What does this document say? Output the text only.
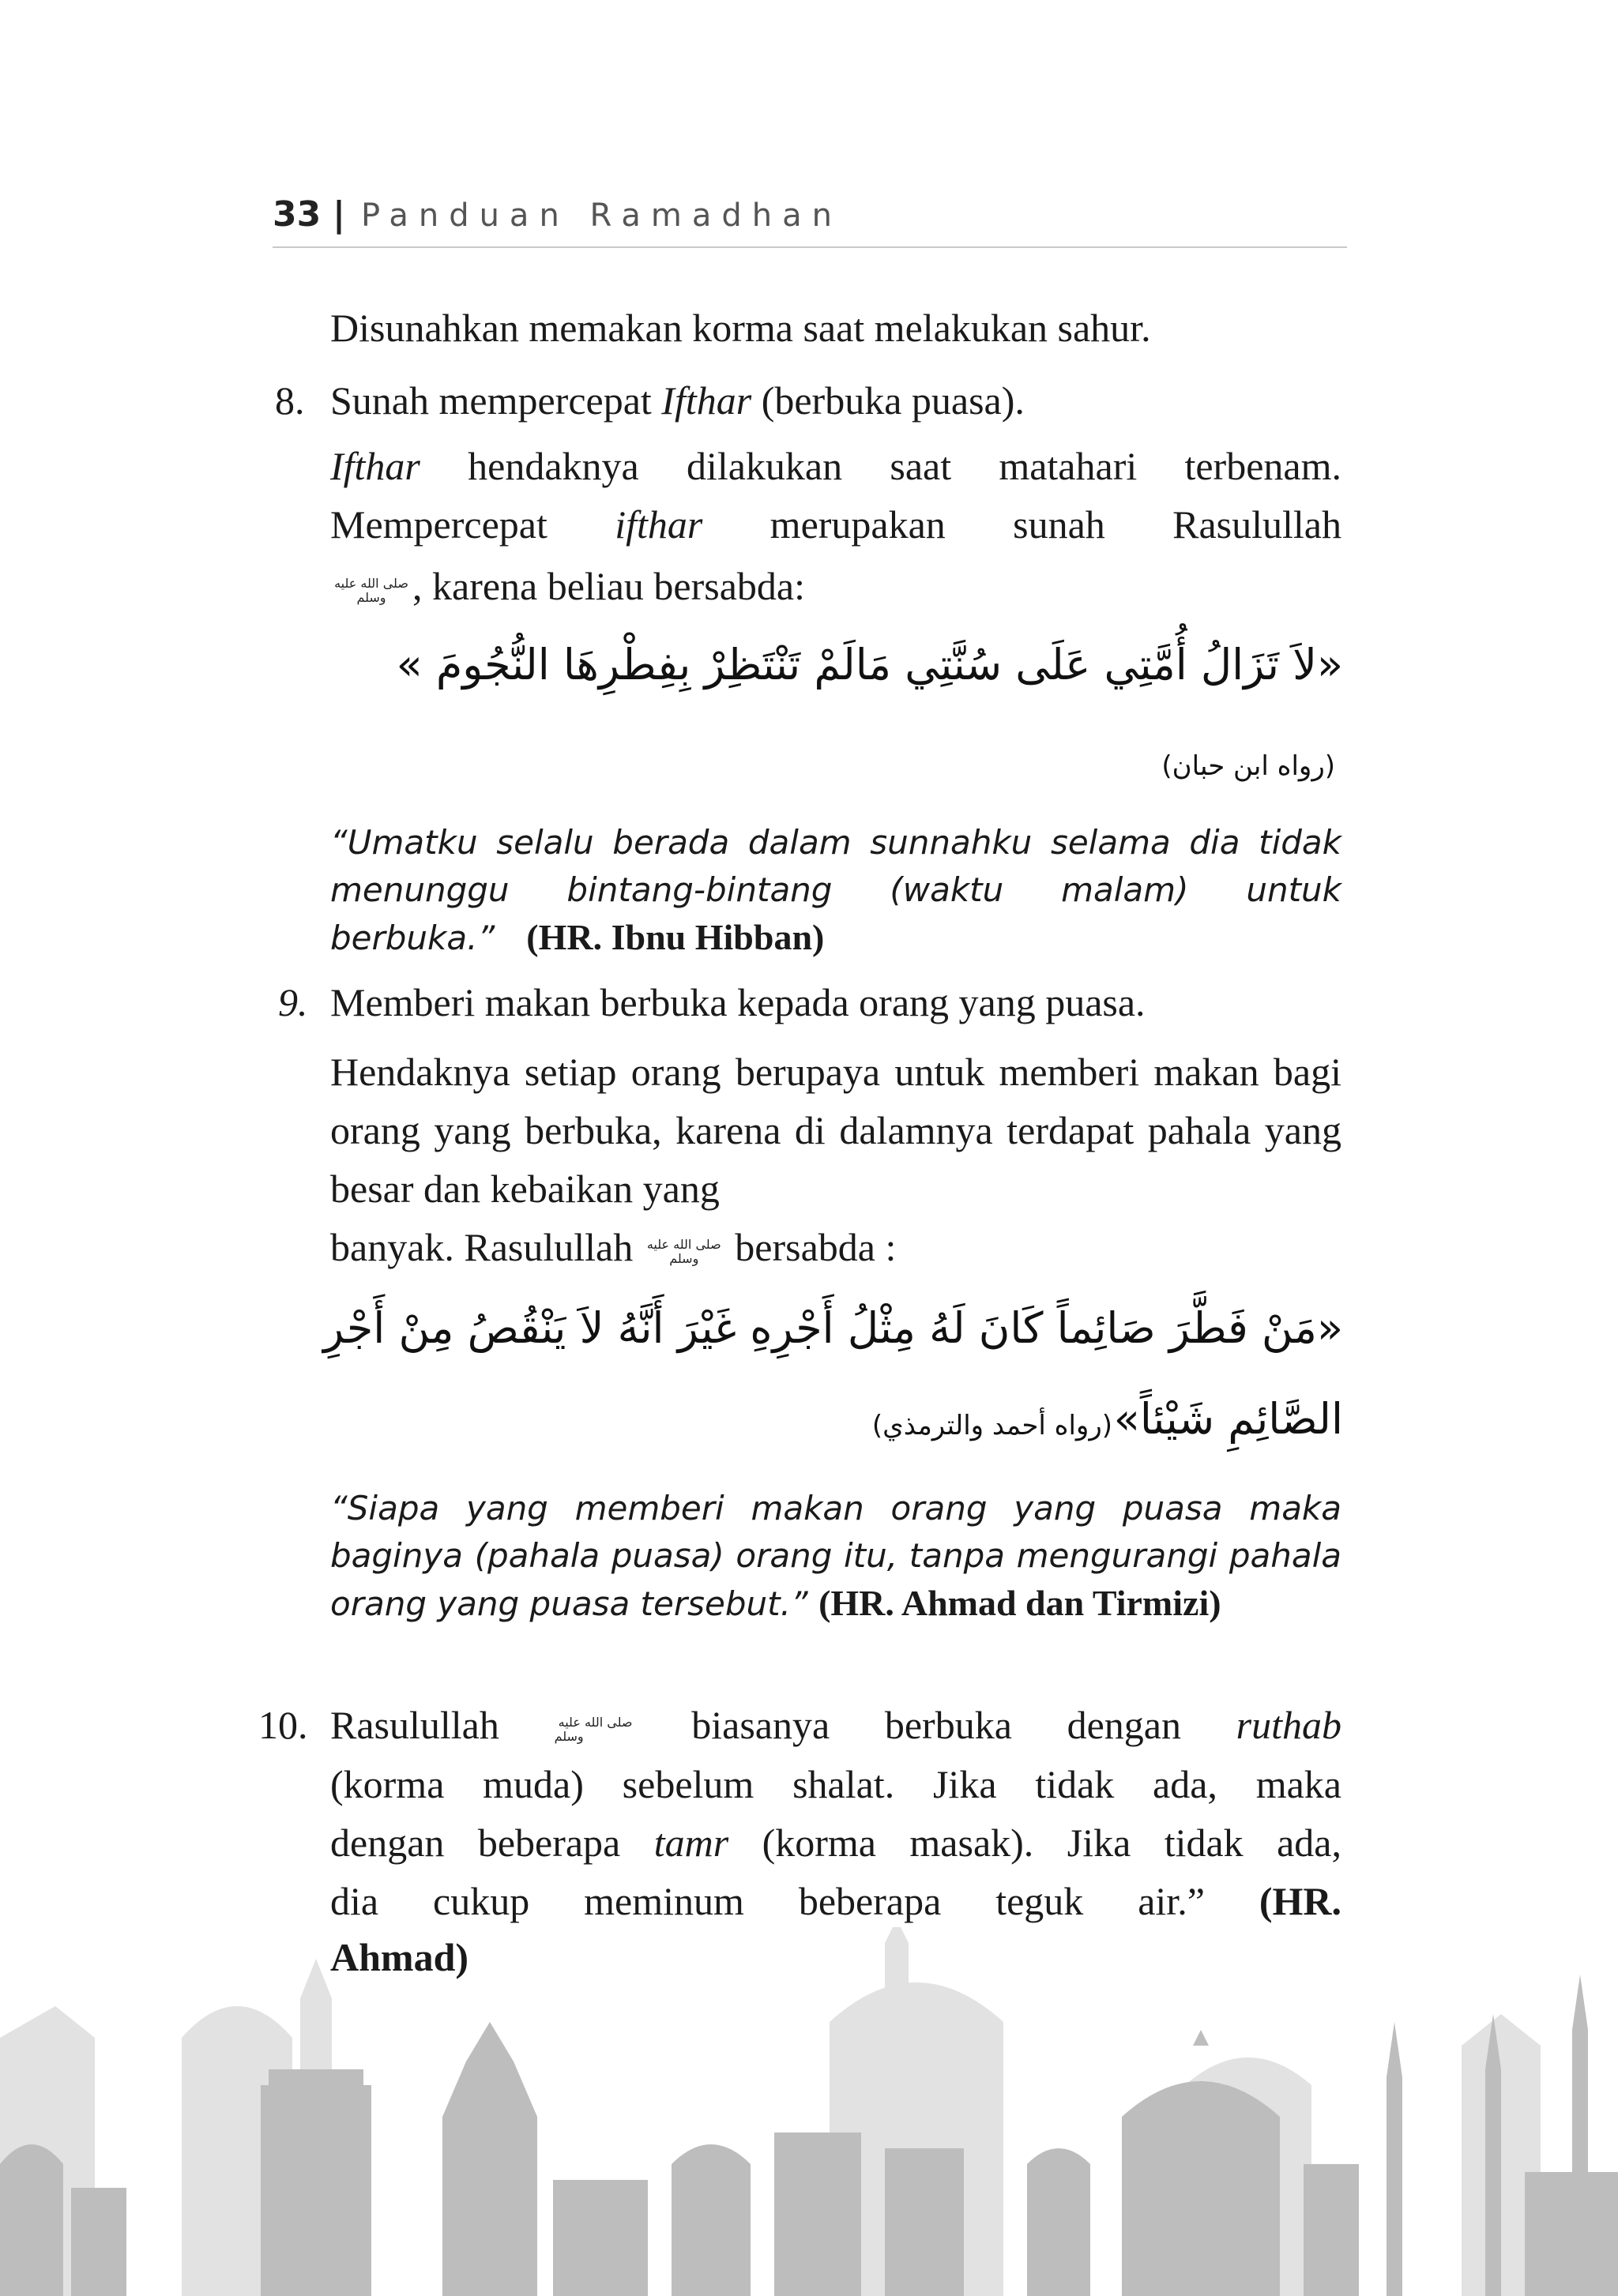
33 | Panduan Ramadhan

Disunahkan memakan korma saat melakukan sahur.

8. Sunah mempercepat Ifthar (berbuka puasa).

Ifthar hendaknya dilakukan saat matahari terbenam.

Mempercepat ifthar merupakan sunah Rasulullah

صلى الله عليه وسلم , karena beliau bersabda:

«لاَ تَزَالُ أُمَّتِي عَلَى سُنَّتِي مَالَمْ تَنْتَظِرْ بِفِطْرِهَا النُّجُومَ »
(رواه ابن حبان)

“Umatku selalu berada dalam sunnahku selama dia tidak menunggu bintang-bintang (waktu malam) untuk berbuka.” (HR. Ibnu Hibban)

9. Memberi makan berbuka kepada orang yang puasa.

Hendaknya setiap orang berupaya untuk memberi makan bagi orang yang berbuka, karena di dalamnya terdapat pahala yang besar dan kebaikan yang

banyak. Rasulullah صلى الله عليه وسلم bersabda :

«مَنْ فَطَّرَ صَائِماً كَانَ لَهُ مِثْلُ أَجْرِهِ غَيْرَ أَنَّهُ لاَ يَنْقُصُ مِنْ أَجْرِ
الصَّائِمِ شَيْئاً»
(رواه أحمد والترمذي)

“Siapa yang memberi makan orang yang puasa maka baginya (pahala puasa) orang itu, tanpa mengurangi pahala orang yang puasa tersebut.” (HR. Ahmad dan Tirmizi)

10. Rasulullah	صلى الله عليه وسلم	biasanya berbuka dengan ruthab

(korma muda) sebelum shalat. Jika tidak ada, maka

dengan beberapa tamr (korma masak). Jika tidak ada,

dia cukup meminum beberapa teguk air.” (HR.

Ahmad)
